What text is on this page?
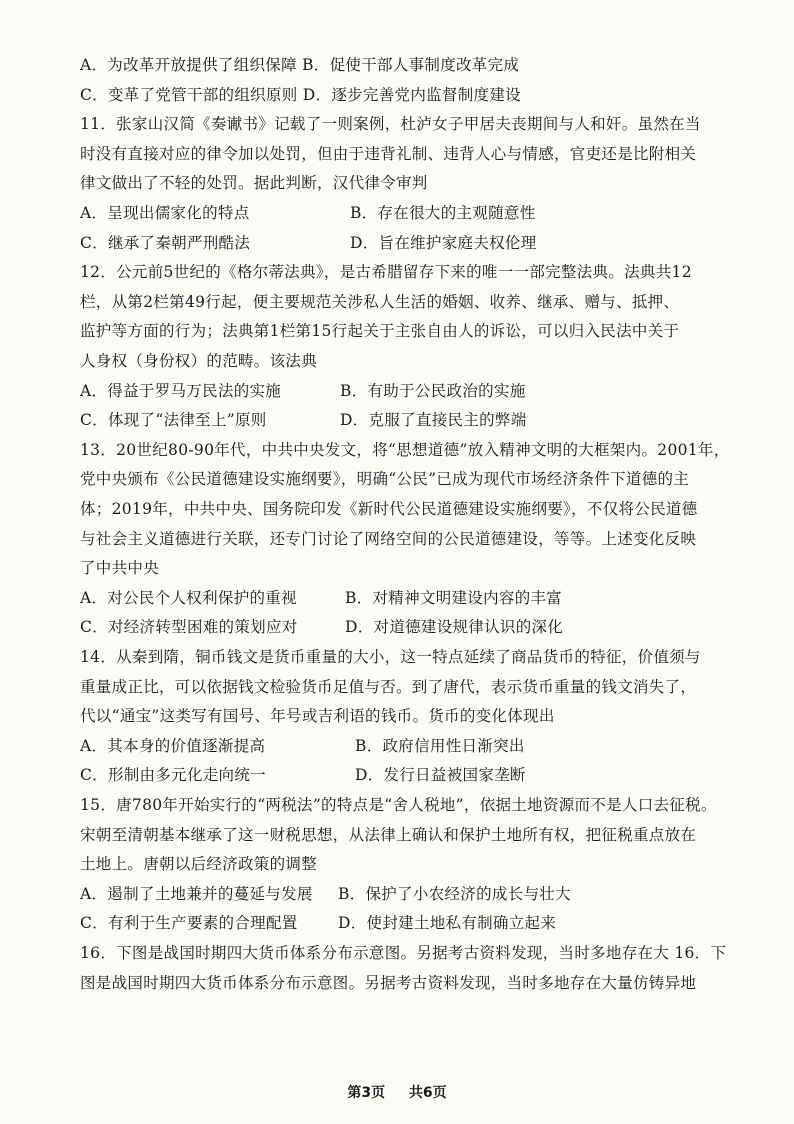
A．为改革开放提供了组织保障 B．促使干部人事制度改革完成
C．变革了党管干部的组织原则 D．逐步完善党内监督制度建设
11．张家山汉简《奏谳书》记载了一则案例，杜泸女子甲居夫丧期间与人和奸。虽然在当
时没有直接对应的律令加以处罚，但由于违背礼制、违背人心与情感，官吏还是比附相关
律文做出了不轻的处罚。据此判断，汉代律令审判
A．呈现出儒家化的特点	B．存在很大的主观随意性
C．继承了秦朝严刑酷法	D．旨在维护家庭夫权伦理
12．公元前5世纪的《格尔蒂法典》，是古希腊留存下来的唯一一部完整法典。法典共12
栏，从第2栏第49行起，便主要规范关涉私人生活的婚姻、收养、继承、赠与、抵押、
监护等方面的行为；法典第1栏第15行起关于主张自由人的诉讼，可以归入民法中关于
人身权（身份权）的范畴。该法典
A．得益于罗马万民法的实施	B．有助于公民政治的实施
C．体现了“法律至上”原则	D．克服了直接民主的弊端
13．20世纪80-90年代，中共中央发文，将“思想道德”放入精神文明的大框架内。2001年，
党中央颁布《公民道德建设实施纲要》，明确“公民”已成为现代市场经济条件下道德的主
体；2019年，中共中央、国务院印发《新时代公民道德建设实施纲要》，不仅将公民道德
与社会主义道德进行关联，还专门讨论了网络空间的公民道德建设，等等。上述变化反映
了中共中央
A．对公民个人权利保护的重视	B．对精神文明建设内容的丰富
C．对经济转型困难的策划应对	D．对道德建设规律认识的深化
14．从秦到隋，铜币钱文是货币重量的大小，这一特点延续了商品货币的特征，价值须与
重量成正比，可以依据钱文检验货币足值与否。到了唐代，表示货币重量的钱文消失了，
代以“通宝”这类写有国号、年号或吉利语的钱币。货币的变化体现出
A．其本身的价值逐渐提高	B．政府信用性日渐突出
C．形制由多元化走向统一	D．发行日益被国家垄断
15．唐780年开始实行的“两税法”的特点是“舍人税地”，依据土地资源而不是人口去征税。
宋朝至清朝基本继承了这一财税思想，从法律上确认和保护土地所有权，把征税重点放在
土地上。唐朝以后经济政策的调整
A．遏制了土地兼并的蔓延与发展 B．保护了小农经济的成长与壮大
C．有利于生产要素的合理配置	D．使封建土地私有制确立起来
16．下图是战国时期四大货币体系分布示意图。另据考古资料发现，当时多地存在大 16．下
图是战国时期四大货币体系分布示意图。另据考古资料发现，当时多地存在大量仿铸异地
第3页 共6页
